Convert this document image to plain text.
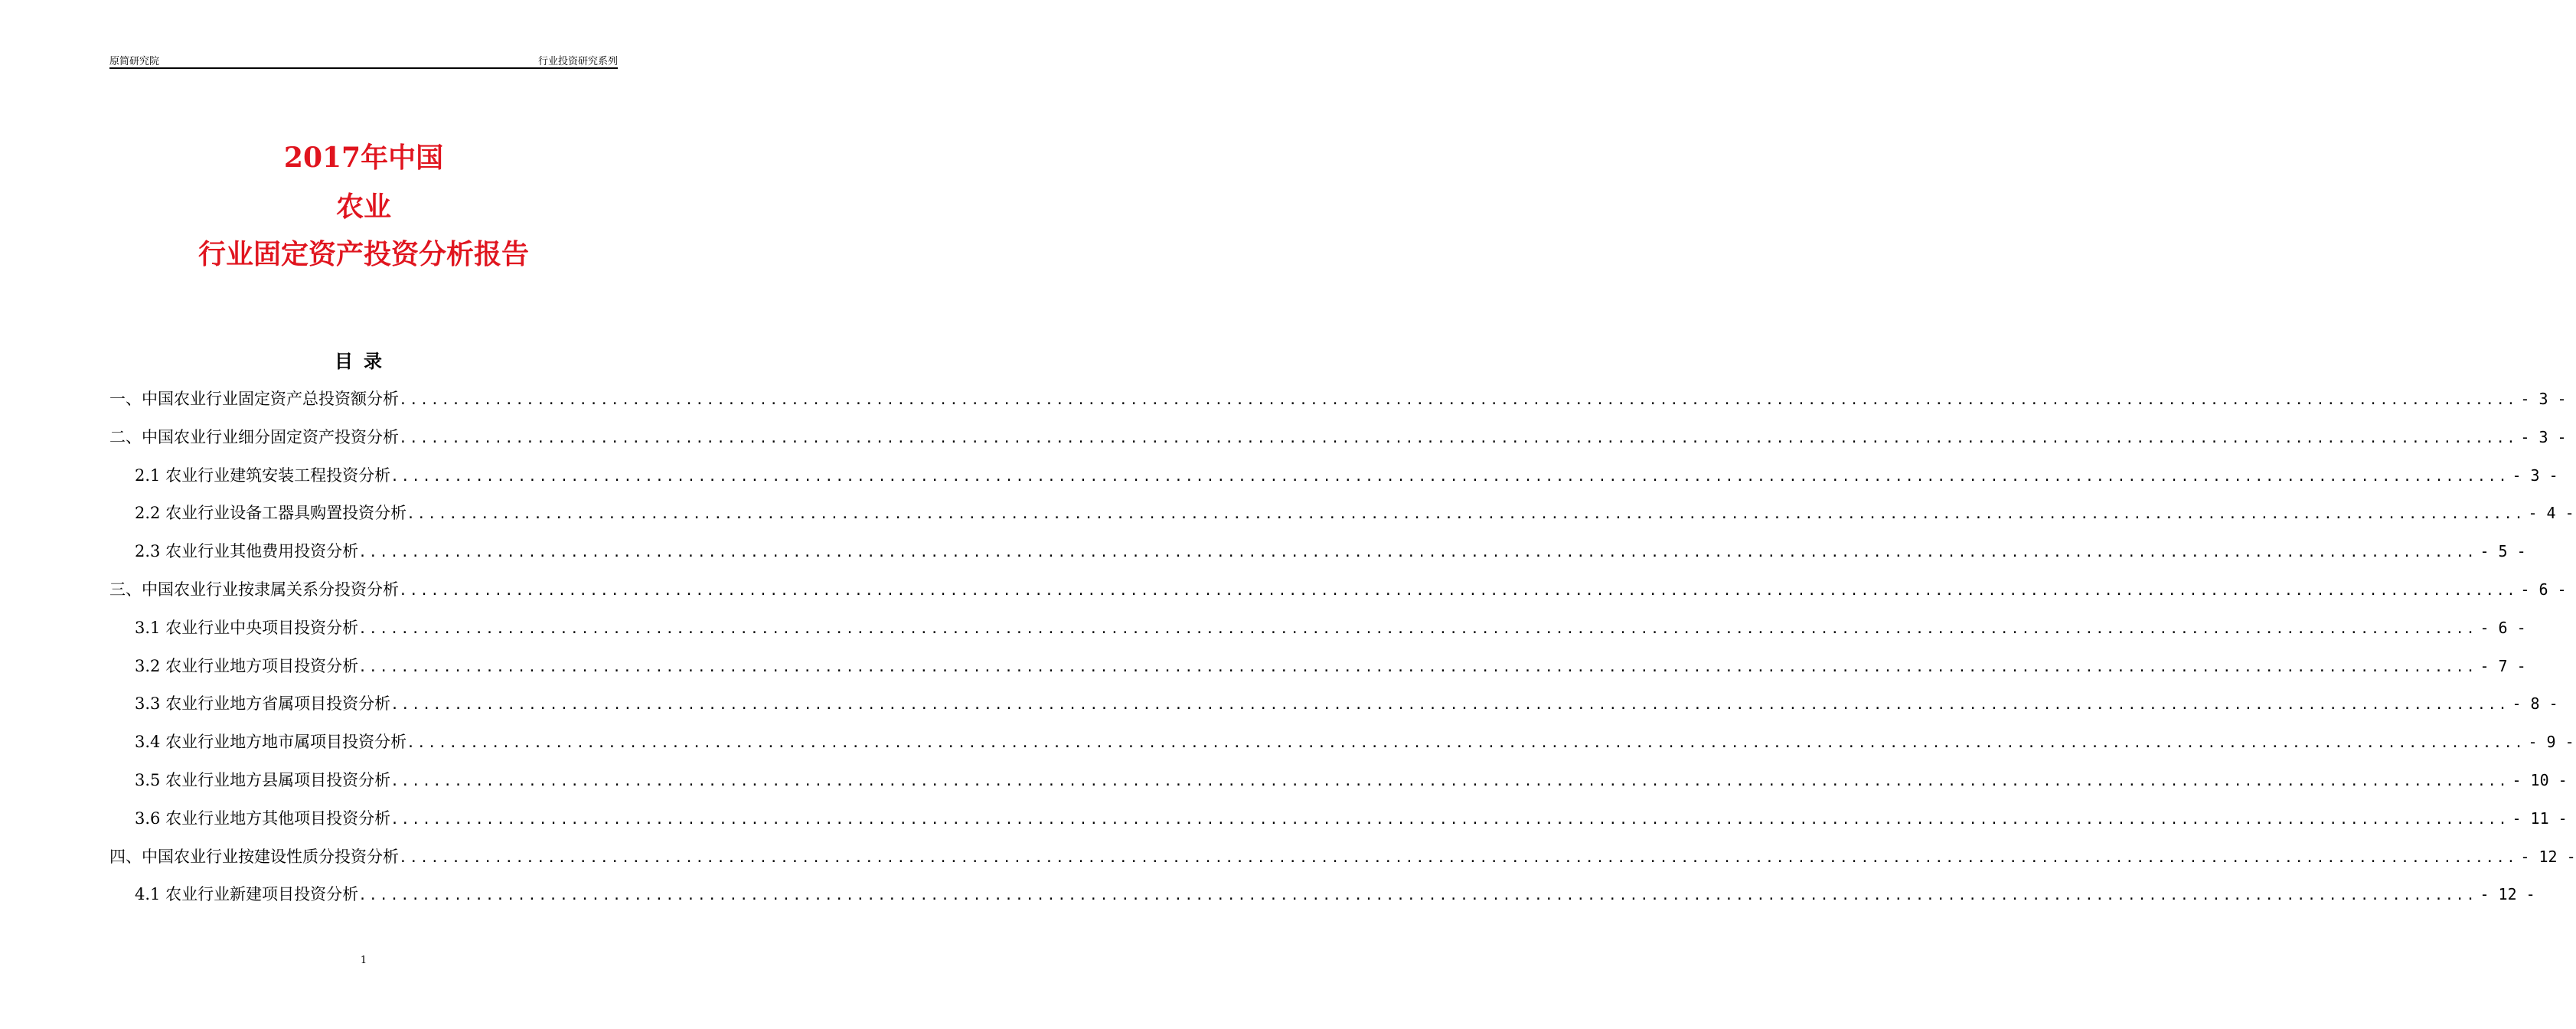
原简研究院	行业投资研究系列
2017年中国
农业
行业固定资产投资分析报告
目录
一、中国农业行业固定资产总投资额分析 ........................................................................................................................................................................................................ - 3 -
二、中国农业行业细分固定资产投资分析 ........................................................................................................................................................................................................ - 3 -
2.1 农业行业建筑安装工程投资分析 ........................................................................................................................................................................................................ - 3 -
2.2 农业行业设备工器具购置投资分析 ........................................................................................................................................................................................................ - 4 -
2.3 农业行业其他费用投资分析 ........................................................................................................................................................................................................ - 5 -
三、中国农业行业按隶属关系分投资分析 ........................................................................................................................................................................................................ - 6 -
3.1 农业行业中央项目投资分析 ........................................................................................................................................................................................................ - 6 -
3.2 农业行业地方项目投资分析 ........................................................................................................................................................................................................ - 7 -
3.3 农业行业地方省属项目投资分析 ........................................................................................................................................................................................................ - 8 -
3.4 农业行业地方地市属项目投资分析 ........................................................................................................................................................................................................ - 9 -
3.5 农业行业地方县属项目投资分析 ........................................................................................................................................................................................................ - 10 -
3.6 农业行业地方其他项目投资分析 ........................................................................................................................................................................................................ - 11 -
四、中国农业行业按建设性质分投资分析 ........................................................................................................................................................................................................ - 12 -
4.1 农业行业新建项目投资分析 ........................................................................................................................................................................................................ - 12 -
1
